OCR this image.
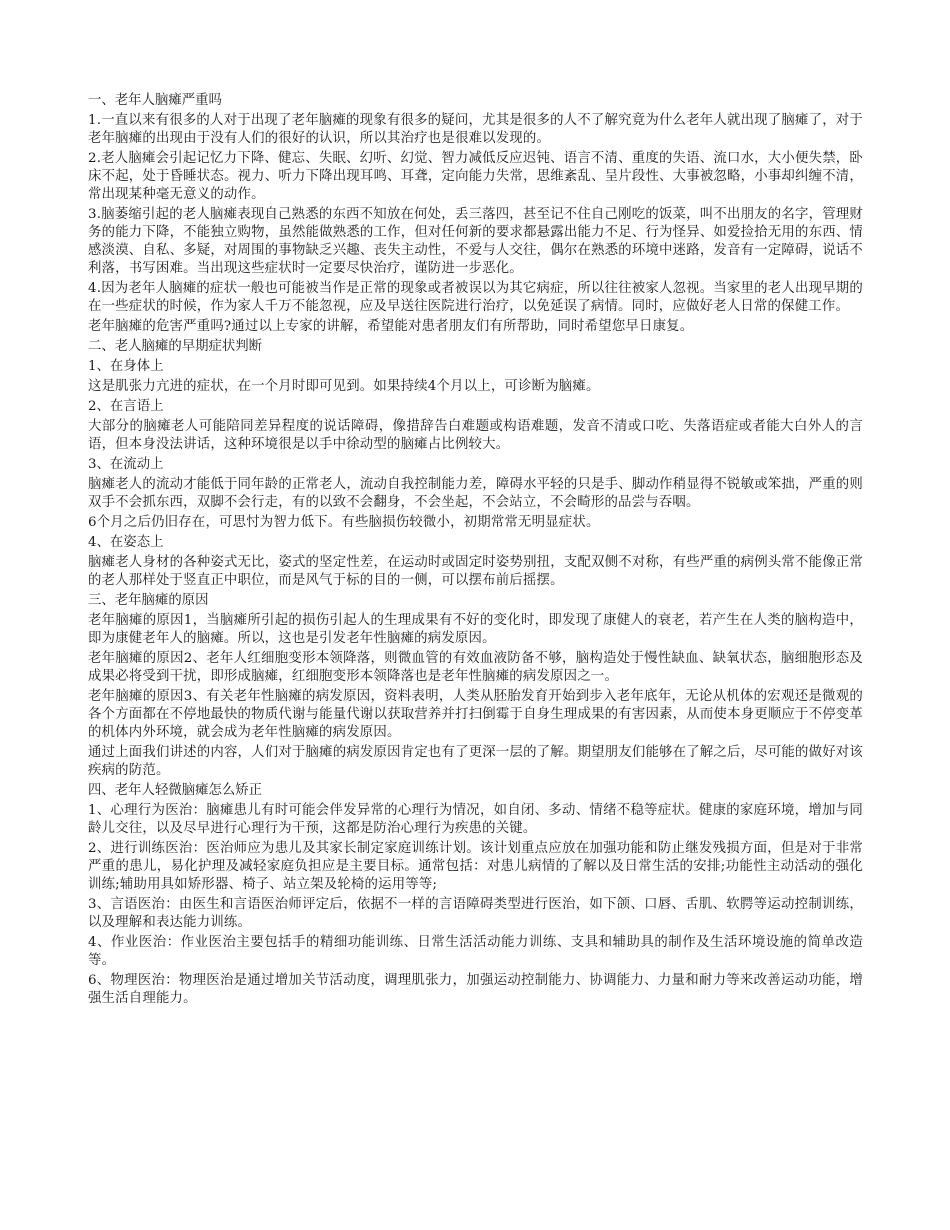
一、老年人脑瘫严重吗
1.一直以来有很多的人对于出现了老年脑瘫的现象有很多的疑问，尤其是很多的人不了解究竟为什么老年人就出现了脑瘫了，对于老年脑瘫的出现由于没有人们的很好的认识，所以其治疗也是很难以发现的。
2.老人脑瘫会引起记忆力下降、健忘、失眠、幻听、幻觉、智力减低反应迟钝、语言不清、重度的失语、流口水，大小便失禁，卧床不起，处于昏睡状态。视力、听力下降出现耳鸣、耳聋，定向能力失常，思维紊乱、呈片段性、大事被忽略，小事却纠缠不清，常出现某种毫无意义的动作。
3.脑萎缩引起的老人脑瘫表现自己熟悉的东西不知放在何处，丢三落四，甚至记不住自己刚吃的饭菜，叫不出朋友的名字，管理财务的能力下降，不能独立购物，虽然能做熟悉的工作，但对任何新的要求都悬露出能力不足、行为怪异、如爱捡拾无用的东西、情感淡漠、自私、多疑，对周围的事物缺乏兴趣、丧失主动性，不爱与人交往，偶尔在熟悉的环境中迷路，发音有一定障碍，说话不利落，书写困难。当出现这些症状时一定要尽快治疗，谨防进一步恶化。
4.因为老年人脑瘫的症状一般也可能被当作是正常的现象或者被误以为其它病症，所以往往被家人忽视。当家里的老人出现早期的在一些症状的时候，作为家人千万不能忽视，应及早送往医院进行治疗，以免延误了病情。同时，应做好老人日常的保健工作。
老年脑瘫的危害严重吗?通过以上专家的讲解，希望能对患者朋友们有所帮助，同时希望您早日康复。
二、老人脑瘫的早期症状判断
1、在身体上
这是肌张力亢进的症状，在一个月时即可见到。如果持续4个月以上，可诊断为脑瘫。
2、在言语上
大部分的脑瘫老人可能陪同差异程度的说话障碍，像措辞告白难题或构语难题，发音不清或口吃、失落语症或者能大白外人的言语，但本身没法讲话，这种环境很是以手中徐动型的脑瘫占比例较大。
3、在流动上
脑瘫老人的流动才能低于同年龄的正常老人，流动自我控制能力差，障碍水平轻的只是手、脚动作稍显得不锐敏或笨拙，严重的则双手不会抓东西，双脚不会行走，有的以致不会翻身，不会坐起，不会站立，不会畸形的品尝与吞咽。
6个月之后仍旧存在，可思忖为智力低下。有些脑损伤较微小，初期常常无明显症状。
4、在姿态上
脑瘫老人身材的各种姿式无比，姿式的坚定性差，在运动时或固定时姿势别扭，支配双侧不对称，有些严重的病例头常不能像正常的老人那样处于竖直正中职位，而是风气于标的目的一侧，可以摆布前后摇摆。
三、老年脑瘫的原因
老年脑瘫的原因1，当脑瘫所引起的损伤引起人的生理成果有不好的变化时，即发现了康健人的衰老，若产生在人类的脑构造中，即为康健老年人的脑瘫。所以，这也是引发老年性脑瘫的病发原因。
老年脑瘫的原因2、老年人红细胞变形本领降落，则微血管的有效血液防备不够，脑构造处于慢性缺血、缺氧状态，脑细胞形态及成果必将受到干扰，即形成脑瘫，红细胞变形本领降落也是老年性脑瘫的病发原因之一。
老年脑瘫的原因3、有关老年性脑瘫的病发原因，资料表明，人类从胚胎发育开始到步入老年底年，无论从机体的宏观还是微观的各个方面都在不停地最快的物质代谢与能量代谢以获取营养并打扫倒霉于自身生理成果的有害因素，从而使本身更顺应于不停变革的机体内外环境，就会成为老年性脑瘫的病发原因。
通过上面我们讲述的内容，人们对于脑瘫的病发原因肯定也有了更深一层的了解。期望朋友们能够在了解之后，尽可能的做好对该疾病的防范。
四、老年人轻微脑瘫怎么矫正
1、心理行为医治：脑瘫患儿有时可能会伴发异常的心理行为情况，如自闭、多动、情绪不稳等症状。健康的家庭环境，增加与同龄儿交往，以及尽早进行心理行为干预，这都是防治心理行为疾患的关键。
2、进行训练医治：医治师应为患儿及其家长制定家庭训练计划。该计划重点应放在加强功能和防止继发残损方面，但是对于非常严重的患儿，易化护理及减轻家庭负担应是主要目标。通常包括：对患儿病情的了解以及日常生活的安排;功能性主动活动的强化训练;辅助用具如矫形器、椅子、站立架及轮椅的运用等等;
3、言语医治：由医生和言语医治师评定后，依据不一样的言语障碍类型进行医治，如下颌、口唇、舌肌、软腭等运动控制训练，以及理解和表达能力训练。
4、作业医治：作业医治主要包括手的精细功能训练、日常生活活动能力训练、支具和辅助具的制作及生活环境设施的简单改造等。
6、物理医治：物理医治是通过增加关节活动度，调理肌张力，加强运动控制能力、协调能力、力量和耐力等来改善运动功能，增强生活自理能力。
